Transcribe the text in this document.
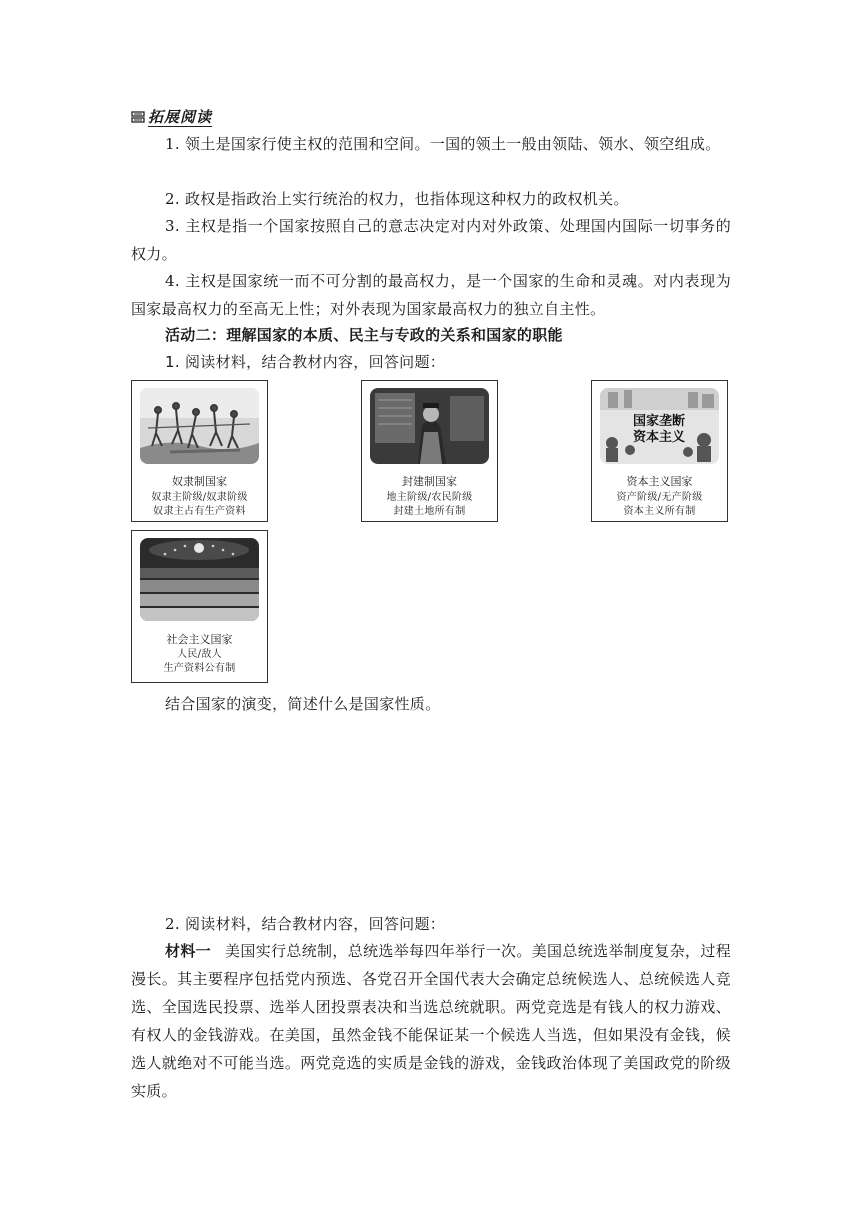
拓展阅读
1. 领土是国家行使主权的范围和空间。一国的领土一般由领陆、领水、领空组成。
2. 政权是指政治上实行统治的权力，也指体现这种权力的政权机关。
3. 主权是指一个国家按照自己的意志决定对内对外政策、处理国内国际一切事务的权力。
4. 主权是国家统一而不可分割的最高权力，是一个国家的生命和灵魂。对内表现为国家最高权力的至高无上性；对外表现为国家最高权力的独立自主性。
活动二：理解国家的本质、民主与专政的关系和国家的职能
1. 阅读材料，结合教材内容，回答问题：
奴隶制国家
奴隶主阶级/奴隶阶级
奴隶主占有生产资料
封建制国家
地主阶级/农民阶级
封建土地所有制
国家垄断
资本主义
资本主义国家
资产阶级/无产阶级
资本主义所有制
社会主义国家
人民/敌人
生产资料公有制
结合国家的演变，简述什么是国家性质。
2. 阅读材料，结合教材内容，回答问题：
材料一 美国实行总统制，总统选举每四年举行一次。美国总统选举制度复杂，过程漫长。其主要程序包括党内预选、各党召开全国代表大会确定总统候选人、总统候选人竞选、全国选民投票、选举人团投票表决和当选总统就职。两党竞选是有钱人的权力游戏、有权人的金钱游戏。在美国，虽然金钱不能保证某一个候选人当选，但如果没有金钱，候选人就绝对不可能当选。两党竞选的实质是金钱的游戏，金钱政治体现了美国政党的阶级实质。
